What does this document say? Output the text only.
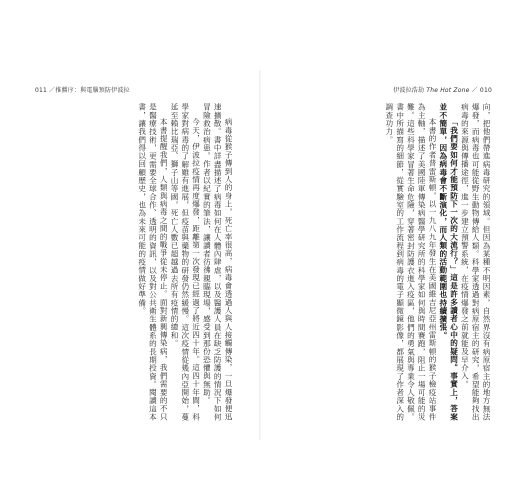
011 ／推薦序：與電腦預防伊波拉

病毒從猴子傳到人的身上，死亡率很高，病毒會透過人與人接觸傳染，一旦爆發便迅速擴散。書中詳盡描述了病毒如何在人體內肆虐，以及醫護人員在缺乏防護的情況下如何冒險救治病患。作者以紀實的筆法，讓讀者彷彿親臨現場，感受到那份恐懼與無助。

今天，伊波拉疫情再度爆發，距離第一次發現已經過了將近四十年。這四十年間，科學家對病毒的了解雖有進展，但疫苗與藥物的研發仍然緩慢。這次疫情從幾內亞開始，蔓延至賴比瑞亞、獅子山等國，死亡人數已超越過去所有疫情的總和。

本書提醒我們，人類與病毒之間的戰爭從未停止。面對新興傳染病，我們需要的不只是醫療技術，更需要全球合作、透明的資訊，以及對公共衛生體系的長期投資。閱讀這本書，讓我們得以回顧歷史，也為未來可能的疫情做好準備。

伊波拉浩劫 The Hot Zone ／ 010

向，把他們帶進病毒研究的領域。但因為某種不明因素，自然界沒有病原宿主的地方無法爆發，而病毒也可能從野生動物傳給人類。科學家透過對病原宿主的研究，希望能夠找出病毒的來源與傳播途徑，進一步建立預警系統，在疫情爆發之前就能及早介入。

「我們要如何才能預防下一次的大流行？」這是許多讀者心中的疑問。事實上，答案並不簡單，因為病毒會不斷演化，而人類的活動範圍也持續擴張。

本書的作者普雷斯頓，以一九八九年發生在美國維吉尼亞州雷斯頓的猴子檢疫站事件為主軸，描述了美國陸軍傳染病醫學研究所的科學家如何與時間賽跑，阻止一場可能的災難。這些科學家冒著生命危險，穿著密封防護衣進入疫區，他們的勇氣與專業令人敬佩。書中所描寫的細節，從實驗室的工作流程到病毒的電子顯微鏡影像，都展現了作者深入的調查功力。
